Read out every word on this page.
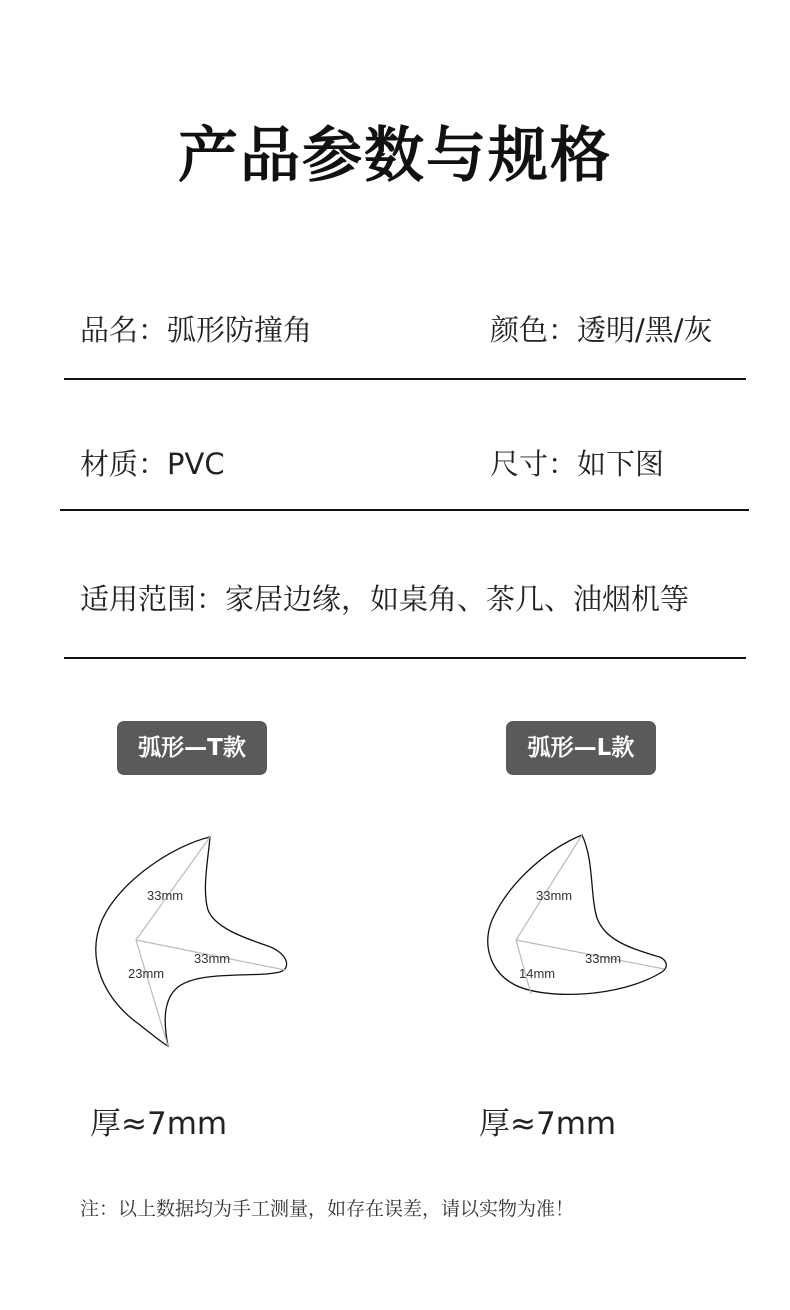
产品参数与规格
品名：弧形防撞角	颜色：透明/黑/灰
材质：PVC	尺寸：如下图
适用范围：家居边缘，如桌角、茶几、油烟机等
弧形—T款	弧形—L款
33mm
33mm
23mm
33mm
33mm
14mm
厚≈7mm	厚≈7mm
注：以上数据均为手工测量，如存在误差，请以实物为准！
